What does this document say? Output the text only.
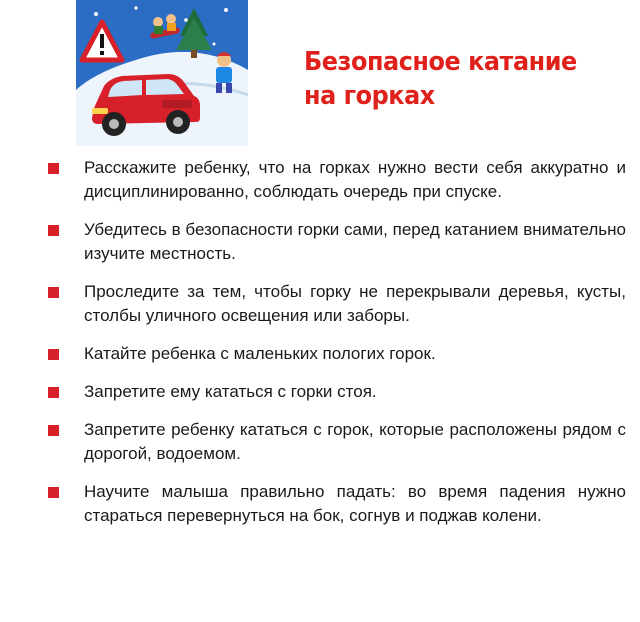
Безопасное катание
на горках
Расскажите ребенку, что на горках нужно вести себя аккуратно и дисциплинированно, соблюдать очередь при спуске.
Убедитесь в безопасности горки сами, перед катанием внимательно изучите местность.
Проследите за тем, чтобы горку не перекрывали деревья, кусты, столбы уличного освещения или заборы.
Катайте ребенка с маленьких пологих горок.
Запретите ему кататься с горки стоя.
Запретите ребенку кататься с горок, которые расположены рядом с дорогой, водоемом.
Научите малыша правильно падать: во время падения нужно стараться перевернуться на бок, согнув и поджав колени.
